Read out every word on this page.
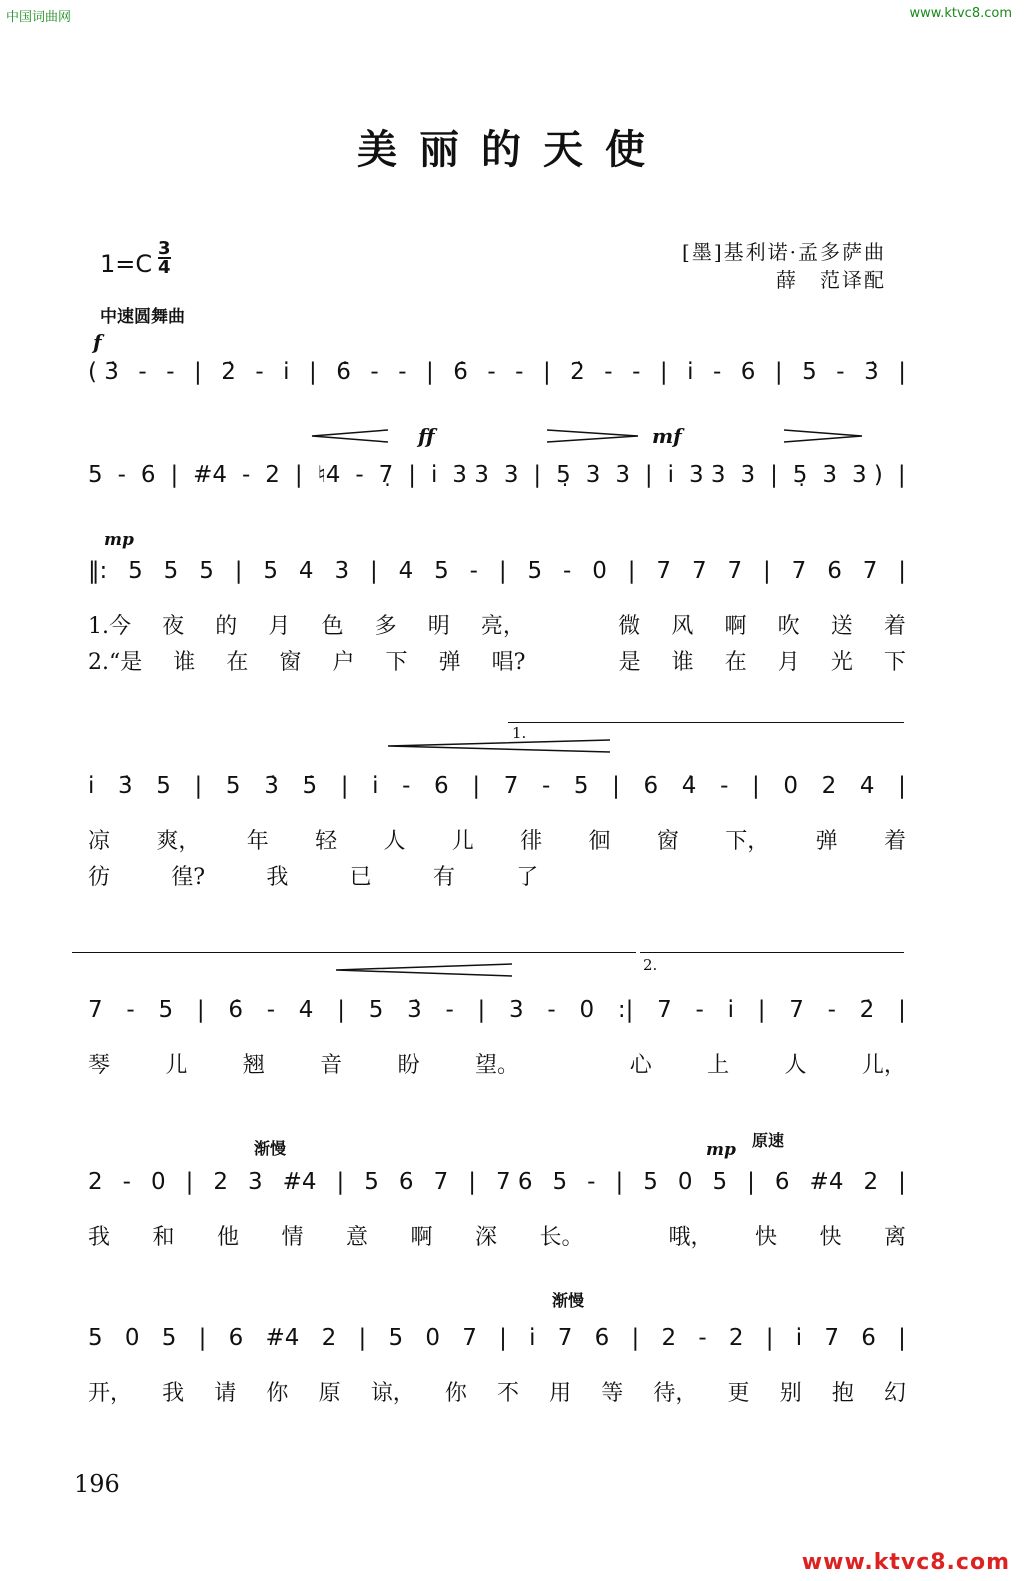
中国词曲网	www.ktvc8.com
美丽的天使
$1=C \frac{3}{4}$	[墨]基利诺·孟多萨曲
薛　范译配
中速圆舞曲
f
ff	mf
mp
mp
渐慢	原速
渐慢
1.
2.
( 3̇ - - | 2̇ - i̇ | 6̇ - - | 6̇ - - | 2̇ - - | i̇ - 6 | 5 - 3̇ |
5 - 6 | #4 - 2 | ♮4 - 7̣ | i̇ 3 3 3 | 5̣ 3 3 | i̇ 3 3 3 | 5̣ 3 3 ) |
‖: 5 5 5 | 5 4 3 | 4 5 - | 5 - 0 | 7 7 7 | 7 6 7 |
1.今 夜 的 月 色 多 明 亮，	微 风 啊 吹 送 着
2.“是 谁 在 窗 户 下 弹 唱?	是 谁 在 月 光 下
i̇ 3̇ 5 | 5 3̇ 5̇ | i̇ - 6 | 7 - 5 | 6 4̇ - | 0 2 4 |
凉 爽， 年 轻 人 儿 徘 徊 窗 下， 弹 着
彷	徨?	我	已	有	了
7 - 5 | 6̇ - 4 | 5 3̇ - | 3 - 0 :| 7 - i̇ | 7 - 2̇ |
琴	儿	翘	音	盼	望。	心	上	人	儿，
2 - 0 | 2 3 #4 | 5 6 7 | 7 6 5 - | 5 0 5 | 6 #4 2 |
我 和 他 情 意 啊 深 长。	哦， 快 快 离
5 0 5 | 6 #4 2 | 5 0 7 | i̇ 7 6 | 2 - 2 | i̇ 7 6 |
开， 我 请 你 原 谅， 你 不 用 等 待， 更 别 抱 幻
196
www.ktvc8.com
